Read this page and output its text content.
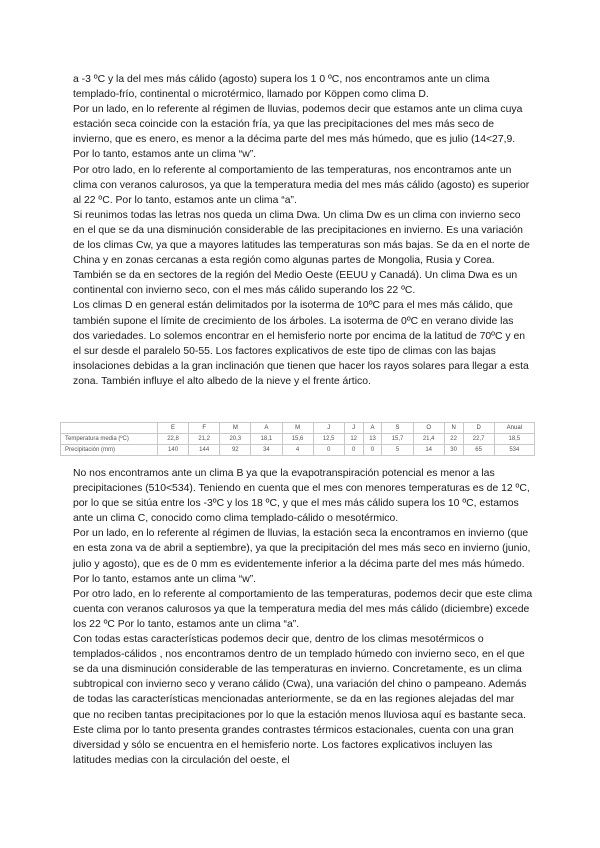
a -3 ºC y la del mes más cálido (agosto) supera los 1 0 ºC, nos encontramos ante un clima templado-frío, continental o microtérmico, llamado por Köppen como clima D.

Por un lado, en lo referente al régimen de lluvias, podemos decir que estamos ante un clima cuya estación seca coincide con la estación fría, ya que las precipitaciones del mes más seco de invierno, que es enero, es menor a la décima parte del mes más húmedo, que es julio (14<27,9. Por lo tanto, estamos ante un clima “w”.

Por otro lado, en lo referente al comportamiento de las temperaturas, nos encontramos ante un clima con veranos calurosos, ya que la temperatura media del mes más cálido (agosto) es superior al 22 ºC. Por lo tanto, estamos ante un clima “a”.

Si reunimos todas las letras nos queda un clima Dwa. Un clima Dw es un clima con invierno seco en el que se da una disminución considerable de las precipitaciones en invierno. Es una variación de los climas Cw, ya que a mayores latitudes las temperaturas son más bajas. Se da en el norte de China y en zonas cercanas a esta región como algunas partes de Mongolia, Rusia y Corea. También se da en sectores de la región del Medio Oeste (EEUU y Canadá). Un clima Dwa es un continental con invierno seco, con el mes más cálido superando los 22 ºC.

Los climas D en general están delimitados por la isoterma de 10ºC para el mes más cálido, que también supone el límite de crecimiento de los árboles. La isoterma de 0ºC en verano divide las dos variedades. Lo solemos encontrar en el hemisferio norte por encima de la latitud de 70ºC y en el sur desde el paralelo 50-55. Los factores explicativos de este tipo de climas con las bajas insolaciones debidas a la gran inclinación que tienen que hacer los rayos solares para llegar a esta zona. También influye el alto albedo de la nieve y el frente ártico.

	E	F	M	A	M	J	J	A	S	O	N	D	Anual
Temperatura media (ºC)	22,8	21,2	20,3	18,1	15,6	12,5	12	13	15,7	21,4	22	22,7	18,5
Precipitación (mm)	140	144	92	34	4	0	0	0	5	14	30	65	534

No nos encontramos ante un clima B ya que la evapotranspiración potencial es menor a las precipitaciones (510<534). Teniendo en cuenta que el mes con menores temperaturas es de 12 ºC, por lo que se sitúa entre los -3ºC y los 18 ºC, y que el mes más cálido supera los 10 ºC, estamos ante un clima C, conocido como clima templado-cálido o mesotérmico.

Por un lado, en lo referente al régimen de lluvias, la estación seca la encontramos en invierno (que en esta zona va de abril a septiembre), ya que la precipitación del mes más seco en invierno (junio, julio y agosto), que es de 0 mm es evidentemente inferior a la décima parte del mes más húmedo. Por lo tanto, estamos ante un clima “w”.

Por otro lado, en lo referente al comportamiento de las temperaturas, podemos decir que este clima cuenta con veranos calurosos ya que la temperatura media del mes más cálido (diciembre) excede los 22 ºC Por lo tanto, estamos ante un clima “a”.

Con todas estas características podemos decir que, dentro de los climas mesotérmicos o templados-cálidos , nos encontramos dentro de un templado húmedo con invierno seco, en el que se da una disminución considerable de las temperaturas en invierno. Concretamente, es un clima subtropical con invierno seco y verano cálido (Cwa), una variación del chino o pampeano. Además de todas las características mencionadas anteriormente, se da en las regiones alejadas del mar que no reciben tantas precipitaciones por lo que la estación menos lluviosa aquí es bastante seca. Este clima por lo tanto presenta grandes contrastes térmicos estacionales, cuenta con una gran diversidad y sólo se encuentra en el hemisferio norte. Los factores explicativos incluyen las latitudes medias con la circulación del oeste, el
